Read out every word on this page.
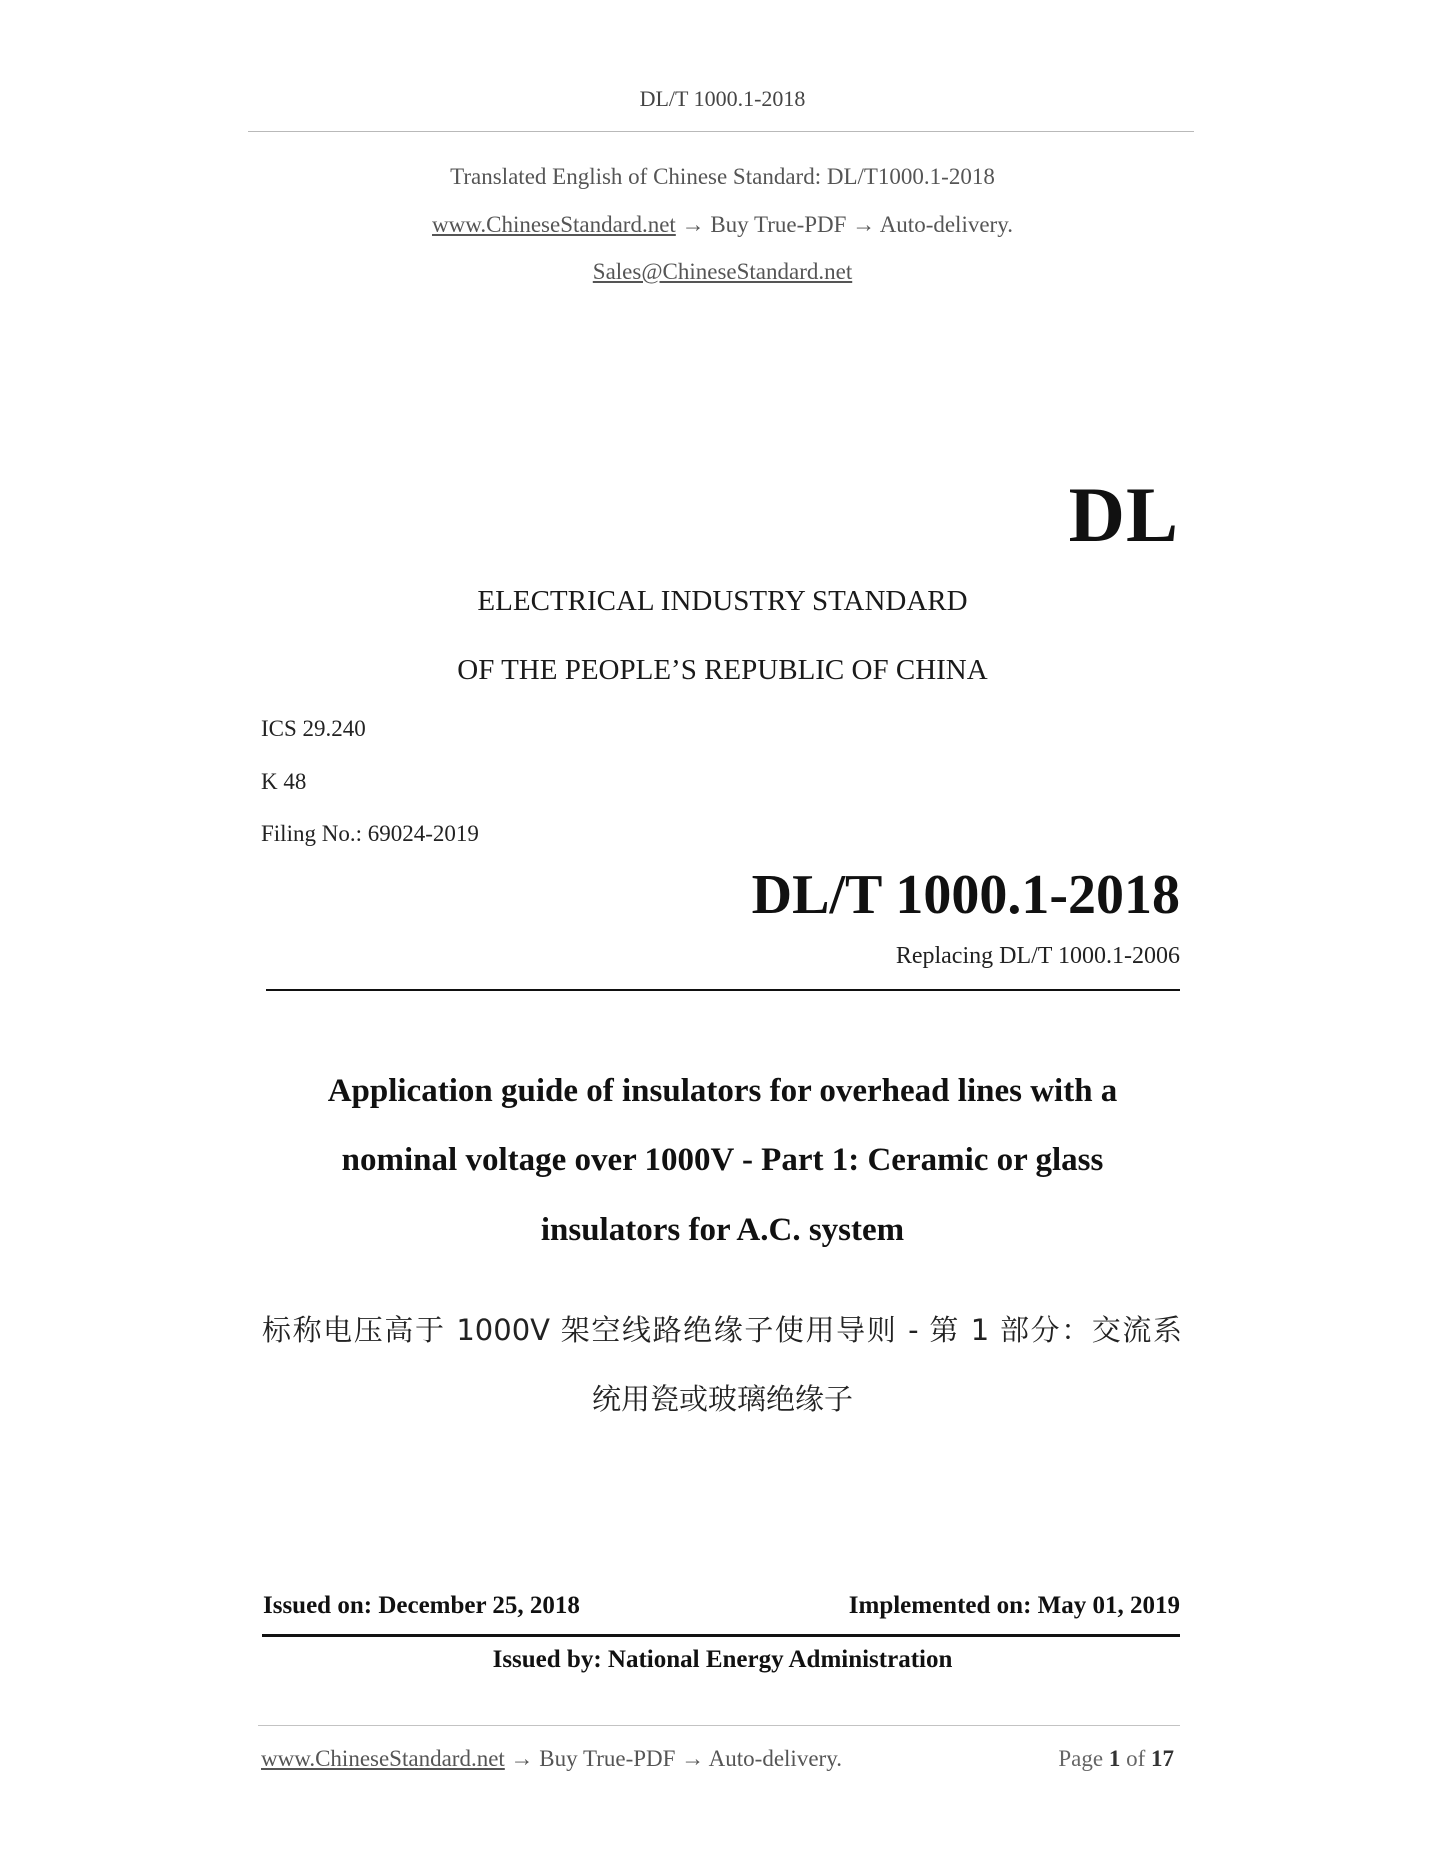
DL/T 1000.1-2018
Translated English of Chinese Standard: DL/T1000.1-2018
www.ChineseStandard.net → Buy True-PDF → Auto-delivery.
Sales@ChineseStandard.net
DL
ELECTRICAL INDUSTRY STANDARD
OF THE PEOPLE’S REPUBLIC OF CHINA
ICS 29.240
K 48
Filing No.: 69024-2019
DL/T 1000.1-2018
Replacing DL/T 1000.1-2006
Application guide of insulators for overhead lines with a
nominal voltage over 1000V - Part 1: Ceramic or glass
insulators for A.C. system
标称电压高于 1000V 架空线路绝缘子使用导则 - 第 1 部分：交流系
统用瓷或玻璃绝缘子
Issued on: December 25, 2018	Implemented on: May 01, 2019
Issued by: National Energy Administration
www.ChineseStandard.net → Buy True-PDF → Auto-delivery.	Page 1 of 17
